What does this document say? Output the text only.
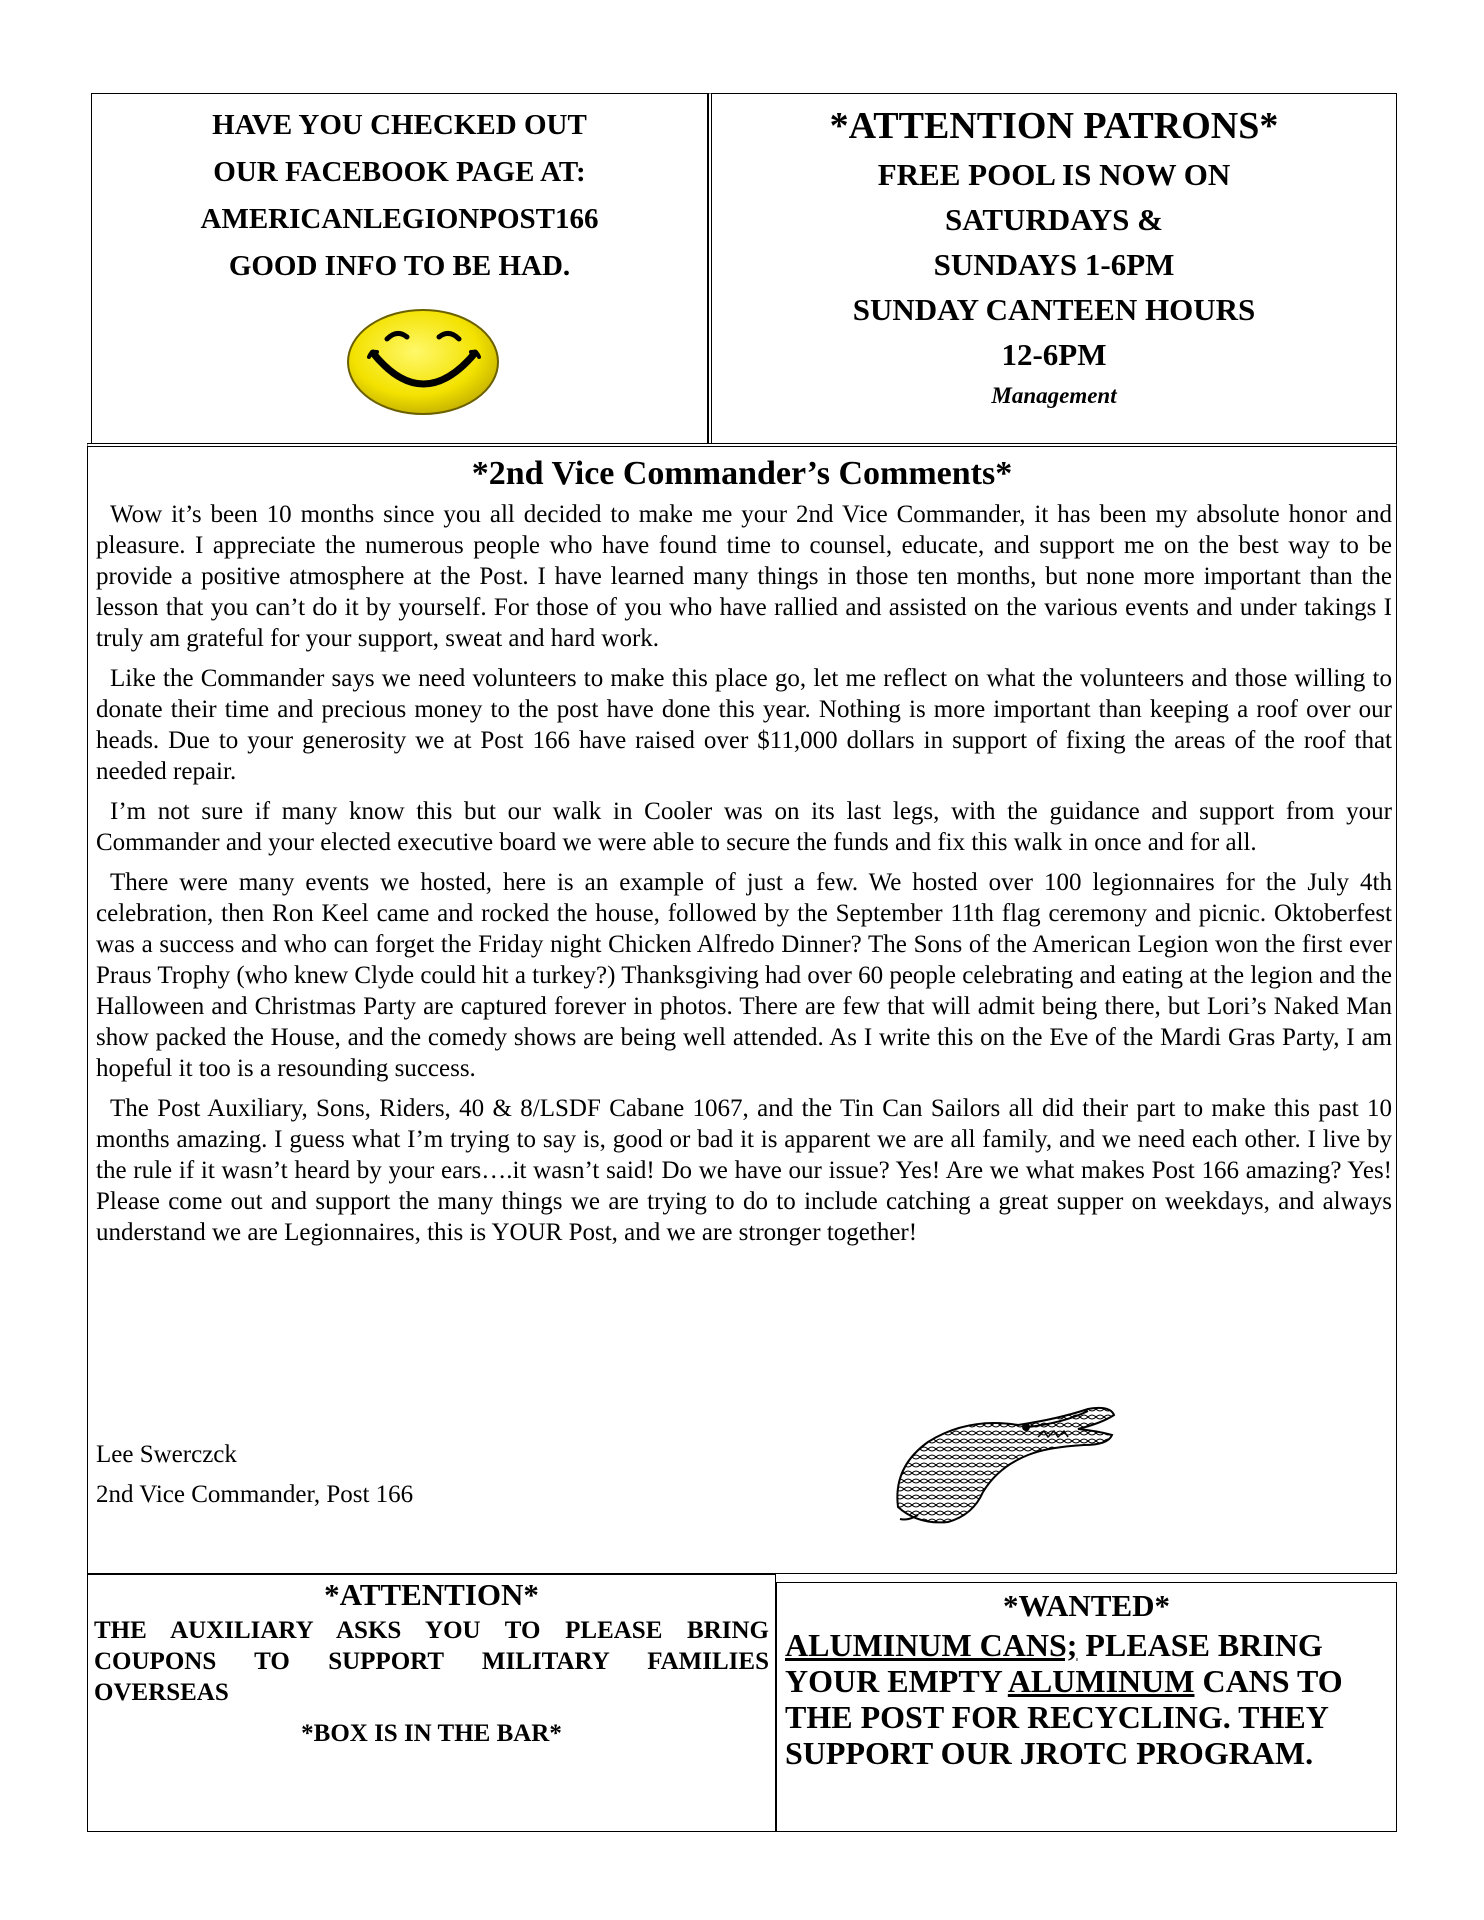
HAVE YOU CHECKED OUT
OUR FACEBOOK PAGE AT:
AMERICANLEGIONPOST166
GOOD INFO TO BE HAD.
*ATTENTION PATRONS*
FREE POOL IS NOW ON
SATURDAYS &
SUNDAYS 1-6PM
SUNDAY CANTEEN HOURS
12-6PM
Management
*2nd Vice Commander’s Comments*

Wow it’s been 10 months since you all decided to make me your 2nd Vice Commander, it has been my absolute honor and pleasure. I appreciate the numerous people who have found time to counsel, educate, and support me on the best way to be provide a positive atmosphere at the Post. I have learned many things in those ten months, but none more important than the lesson that you can’t do it by yourself. For those of you who have rallied and assisted on the various events and under takings I truly am grateful for your support, sweat and hard work.

Like the Commander says we need volunteers to make this place go, let me reflect on what the volunteers and those willing to donate their time and precious money to the post have done this year. Nothing is more important than keeping a roof over our heads. Due to your generosity we at Post 166 have raised over $11,000 dollars in support of fixing the areas of the roof that needed repair.

I’m not sure if many know this but our walk in Cooler was on its last legs, with the guidance and support from your Commander and your elected executive board we were able to secure the funds and fix this walk in once and for all.

There were many events we hosted, here is an example of just a few. We hosted over 100 legionnaires for the July 4th celebration, then Ron Keel came and rocked the house, followed by the September 11th flag ceremony and picnic. Oktoberfest was a success and who can forget the Friday night Chicken Alfredo Dinner? The Sons of the American Legion won the first ever Praus Trophy (who knew Clyde could hit a turkey?) Thanksgiving had over 60 people celebrating and eating at the legion and the Halloween and Christmas Party are captured forever in photos. There are few that will admit being there, but Lori’s Naked Man show packed the House, and the comedy shows are being well attended. As I write this on the Eve of the Mardi Gras Party, I am hopeful it too is a resounding success.

The Post Auxiliary, Sons, Riders, 40 & 8/LSDF Cabane 1067, and the Tin Can Sailors all did their part to make this past 10 months amazing. I guess what I’m trying to say is, good or bad it is apparent we are all family, and we need each other. I live by the rule if it wasn’t heard by your ears….it wasn’t said! Do we have our issue? Yes! Are we what makes Post 166 amazing? Yes! Please come out and support the many things we are trying to do to include catching a great supper on weekdays, and always understand we are Legionnaires, this is YOUR Post, and we are stronger together!

Lee Swerczck
2nd Vice Commander, Post 166
*ATTENTION*
THE AUXILIARY ASKS YOU TO PLEASE BRING COUPONS TO SUPPORT MILITARY FAMILIES OVERSEAS
*BOX IS IN THE BAR*
*WANTED*
ALUMINUM CANS; PLEASE BRING YOUR EMPTY ALUMINUM CANS TO THE POST FOR RECYCLING. THEY SUPPORT OUR JROTC PROGRAM.
